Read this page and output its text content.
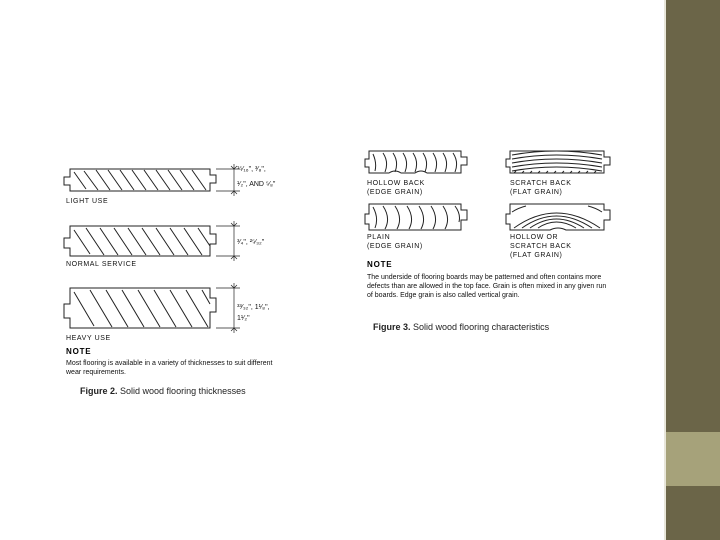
¹⁵⁄₁₆", ³⁄₈",
¹⁄₂", AND ⁵⁄₈"
LIGHT USE
³⁄₄", ²⁵⁄₃₂"
NORMAL SERVICE
³³⁄₃₂", 1¹⁄₈",
1¹⁄₂"
HEAVY USE
NOTE
Most flooring is available in a variety of thicknesses to suit different wear requirements.
Figure 2. Solid wood flooring thicknesses
HOLLOW BACK
(EDGE GRAIN)
SCRATCH BACK
(FLAT GRAIN)
PLAIN
(EDGE GRAIN)
HOLLOW OR
SCRATCH BACK
(FLAT GRAIN)
NOTE
The underside of flooring boards may be patterned and often contains more defects than are allowed in the top face. Grain is often mixed in any given run of boards. Edge grain is also called vertical grain.
Figure 3. Solid wood flooring characteristics
